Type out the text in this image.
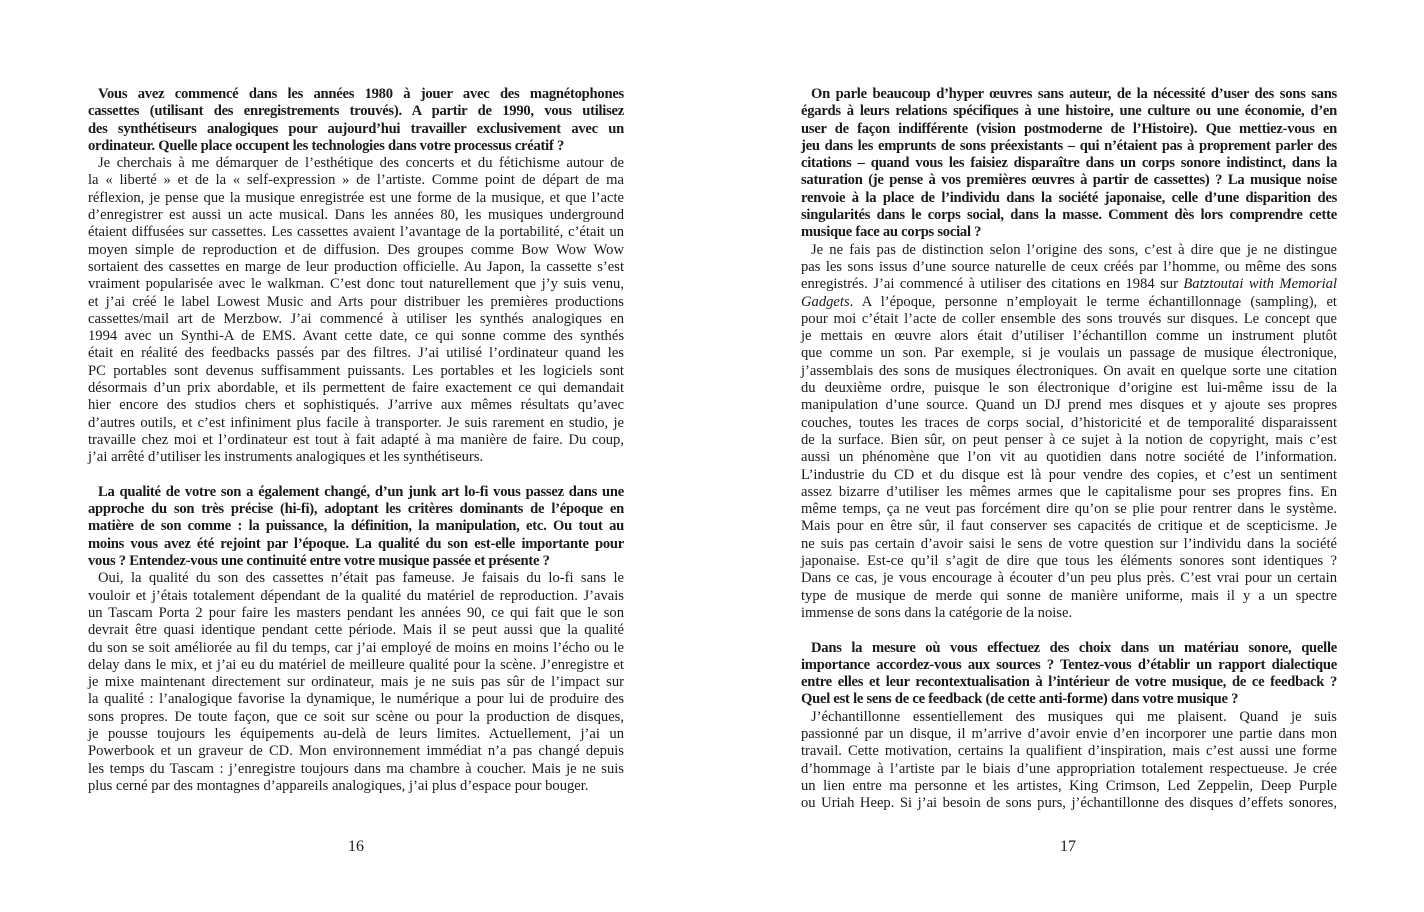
Vous avez commencé dans les années 1980 à jouer avec des magnétophones
cassettes (utilisant des enregistrements trouvés). A partir de 1990, vous utilisez
des synthétiseurs analogiques pour aujourd’hui travailler exclusivement avec un
ordinateur. Quelle place occupent les technologies dans votre processus créatif ?
Je cherchais à me démarquer de l’esthétique des concerts et du fétichisme autour de
la « liberté » et de la « self-expression » de l’artiste. Comme point de départ de ma
réflexion, je pense que la musique enregistrée est une forme de la musique, et que l’acte
d’enregistrer est aussi un acte musical. Dans les années 80, les musiques underground
étaient diffusées sur cassettes. Les cassettes avaient l’avantage de la portabilité, c’était un
moyen simple de reproduction et de diffusion. Des groupes comme Bow Wow Wow
sortaient des cassettes en marge de leur production officielle. Au Japon, la cassette s’est
vraiment popularisée avec le walkman. C’est donc tout naturellement que j’y suis venu,
et j’ai créé le label Lowest Music and Arts pour distribuer les premières productions
cassettes/mail art de Merzbow. J’ai commencé à utiliser les synthés analogiques en
1994 avec un Synthi-A de EMS. Avant cette date, ce qui sonne comme des synthés
était en réalité des feedbacks passés par des filtres. J’ai utilisé l’ordinateur quand les
PC portables sont devenus suffisamment puissants. Les portables et les logiciels sont
désormais d’un prix abordable, et ils permettent de faire exactement ce qui demandait
hier encore des studios chers et sophistiqués. J’arrive aux mêmes résultats qu’avec
d’autres outils, et c’est infiniment plus facile à transporter. Je suis rarement en studio, je
travaille chez moi et l’ordinateur est tout à fait adapté à ma manière de faire. Du coup,
j’ai arrêté d’utiliser les instruments analogiques et les synthétiseurs.
La qualité de votre son a également changé, d’un junk art lo-fi vous passez dans une
approche du son très précise (hi-fi), adoptant les critères dominants de l’époque en
matière de son comme : la puissance, la définition, la manipulation, etc. Ou tout au
moins vous avez été rejoint par l’époque. La qualité du son est-elle importante pour
vous ? Entendez-vous une continuité entre votre musique passée et présente ?
Oui, la qualité du son des cassettes n’était pas fameuse. Je faisais du lo-fi sans le
vouloir et j’étais totalement dépendant de la qualité du matériel de reproduction. J’avais
un Tascam Porta 2 pour faire les masters pendant les années 90, ce qui fait que le son
devrait être quasi identique pendant cette période. Mais il se peut aussi que la qualité
du son se soit améliorée au fil du temps, car j’ai employé de moins en moins l’écho ou le
delay dans le mix, et j’ai eu du matériel de meilleure qualité pour la scène. J’enregistre et
je mixe maintenant directement sur ordinateur, mais je ne suis pas sûr de l’impact sur
la qualité : l’analogique favorise la dynamique, le numérique a pour lui de produire des
sons propres. De toute façon, que ce soit sur scène ou pour la production de disques,
je pousse toujours les équipements au-delà de leurs limites. Actuellement, j’ai un
Powerbook et un graveur de CD. Mon environnement immédiat n’a pas changé depuis
les temps du Tascam : j’enregistre toujours dans ma chambre à coucher. Mais je ne suis
plus cerné par des montagnes d’appareils analogiques, j’ai plus d’espace pour bouger.
16
On parle beaucoup d’hyper œuvres sans auteur, de la nécessité d’user des sons sans
égards à leurs relations spécifiques à une histoire, une culture ou une économie, d’en
user de façon indifférente (vision postmoderne de l’Histoire). Que mettiez-vous en
jeu dans les emprunts de sons préexistants – qui n’étaient pas à proprement parler des
citations – quand vous les faisiez disparaître dans un corps sonore indistinct, dans la
saturation (je pense à vos premières œuvres à partir de cassettes) ? La musique noise
renvoie à la place de l’individu dans la société japonaise, celle d’une disparition des
singularités dans le corps social, dans la masse. Comment dès lors comprendre cette
musique face au corps social ?
Je ne fais pas de distinction selon l’origine des sons, c’est à dire que je ne distingue
pas les sons issus d’une source naturelle de ceux créés par l’homme, ou même des sons
enregistrés. J’ai commencé à utiliser des citations en 1984 sur Batztoutai with Memorial
Gadgets. A l’époque, personne n’employait le terme échantillonnage (sampling), et
pour moi c’était l’acte de coller ensemble des sons trouvés sur disques. Le concept que
je mettais en œuvre alors était d’utiliser l’échantillon comme un instrument plutôt
que comme un son. Par exemple, si je voulais un passage de musique électronique,
j’assemblais des sons de musiques électroniques. On avait en quelque sorte une citation
du deuxième ordre, puisque le son électronique d’origine est lui-même issu de la
manipulation d’une source. Quand un DJ prend mes disques et y ajoute ses propres
couches, toutes les traces de corps social, d’historicité et de temporalité disparaissent
de la surface. Bien sûr, on peut penser à ce sujet à la notion de copyright, mais c’est
aussi un phénomène que l’on vit au quotidien dans notre société de l’information.
L’industrie du CD et du disque est là pour vendre des copies, et c’est un sentiment
assez bizarre d’utiliser les mêmes armes que le capitalisme pour ses propres fins. En
même temps, ça ne veut pas forcément dire qu’on se plie pour rentrer dans le système.
Mais pour en être sûr, il faut conserver ses capacités de critique et de scepticisme. Je
ne suis pas certain d’avoir saisi le sens de votre question sur l’individu dans la société
japonaise. Est-ce qu’il s’agit de dire que tous les éléments sonores sont identiques ?
Dans ce cas, je vous encourage à écouter d’un peu plus près. C’est vrai pour un certain
type de musique de merde qui sonne de manière uniforme, mais il y a un spectre
immense de sons dans la catégorie de la noise.
Dans la mesure où vous effectuez des choix dans un matériau sonore, quelle
importance accordez-vous aux sources ? Tentez-vous d’établir un rapport dialectique
entre elles et leur recontextualisation à l’intérieur de votre musique, de ce feedback ?
Quel est le sens de ce feedback (de cette anti-forme) dans votre musique ?
J’échantillonne essentiellement des musiques qui me plaisent. Quand je suis
passionné par un disque, il m’arrive d’avoir envie d’en incorporer une partie dans mon
travail. Cette motivation, certains la qualifient d’inspiration, mais c’est aussi une forme
d’hommage à l’artiste par le biais d’une appropriation totalement respectueuse. Je crée
un lien entre ma personne et les artistes, King Crimson, Led Zeppelin, Deep Purple
ou Uriah Heep. Si j’ai besoin de sons purs, j’échantillonne des disques d’effets sonores,
17
